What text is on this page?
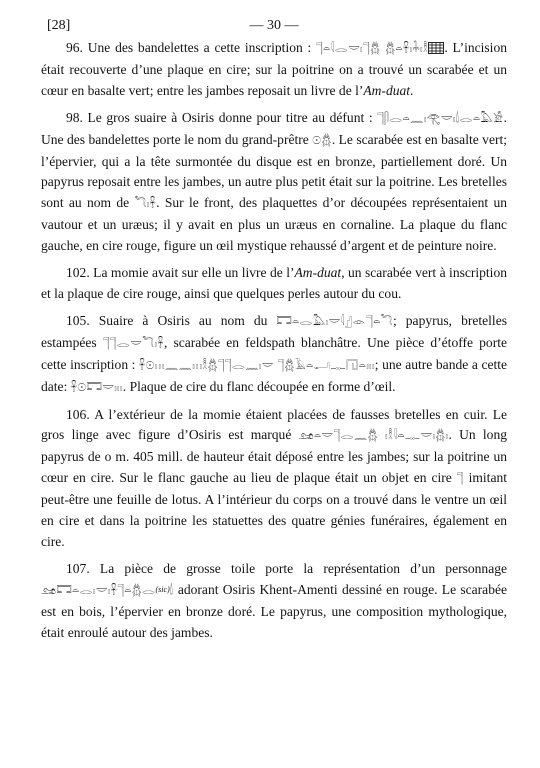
[28]	— 30 —

96. Une des bandelettes a cette inscription : 𓊹𓏏𓇋𓂋𓎟𓏤𓊹𓆣 𓆣𓏏𓋹𓏤𓇓𓏤𓎛 . L’incision était recouverte d’une plaque en cire; sur la poitrine on a trouvé un scarabée et un cœur en basalte vert; entre les jambes reposait un livre de l’Am-duat.

98. Le gros suaire à Osiris donne pour titre au défunt : 𓊹𓋴𓂋𓏏𓈖𓏤𓂀𓎟𓏤𓌃𓂋𓏏𓅓𓀀. Une des bandelettes porte le nom du grand-prêtre 𓇳𓆣. Le scarabée est en basalte vert; l’épervier, qui a la tête surmontée du disque est en bronze, partiellement doré. Un papyrus reposait entre les jambes, un autre plus petit était sur la poitrine. Les bretelles sont au nom de 𓆓𓏤𓋹. Sur le front, des plaquettes d’or découpées représentaient un vautour et un uræus; il y avait en plus un uræus en cornaline. La plaque du flanc gauche, en cire rouge, figure un œil mystique rehaussé d’argent et de peinture noire.

102. La momie avait sur elle un livre de l’Am-duat, un scarabée vert à inscription et la plaque de cire rouge, ainsi que quelques perles autour du cou.

105. Suaire à Osiris au nom du 𓉐𓏏𓂋𓅓𓏤𓎟𓇋𓊨𓁹𓊹𓏏𓆓; papyrus, bretelles estampées 𓊹𓊹𓂋𓎟𓆓𓏤𓋹, scarabée en feldspath blanchâtre. Une pièce d’étoffe porte cette inscription : 𓋹𓇳𓏥𓈖𓈖𓏥𓎛𓆣𓊹𓊹𓂋𓈖𓏤𓎟 𓊹𓆣𓄿𓏏𓂝𓊃𓉔𓏏𓏤𓏤𓏤; une autre bande a cette date: 𓋹𓇳𓉐𓎟𓏤𓏤𓏤. Plaque de cire du flanc découpée en forme d’œil.

106. A l’extérieur de la momie étaient placées de fausses bretelles en cuir. Le gros linge avec figure d’Osiris est marqué 𓃭𓏏𓎟𓊹𓂋𓈖𓆣 𓏤𓎛𓇋𓏏𓊃𓎟𓏤𓆣𓏤. Un long papyrus de o m. 405 mill. de hauteur était déposé entre les jambes; sur la poitrine un cœur en cire. Sur le flanc gauche au lieu de plaque était un objet en cire 𓊹 imitant peut-être une feuille de lotus. A l’intérieur du corps on a trouvé dans le ventre un œil en cire et dans la poitrine les statuettes des quatre génies funéraires, également en cire.

107. La pièce de grosse toile porte la représentation d’un personnage 𓃭𓉐𓏏𓂋𓏤𓎟𓏤𓋹𓊹𓏏𓆣𓂋(sic)𓌃 adorant Osiris Khent-Amenti dessiné en rouge. Le scarabée est en bois, l’épervier en bronze doré. Le papyrus, une composition mythologique, était enroulé autour des jambes.
